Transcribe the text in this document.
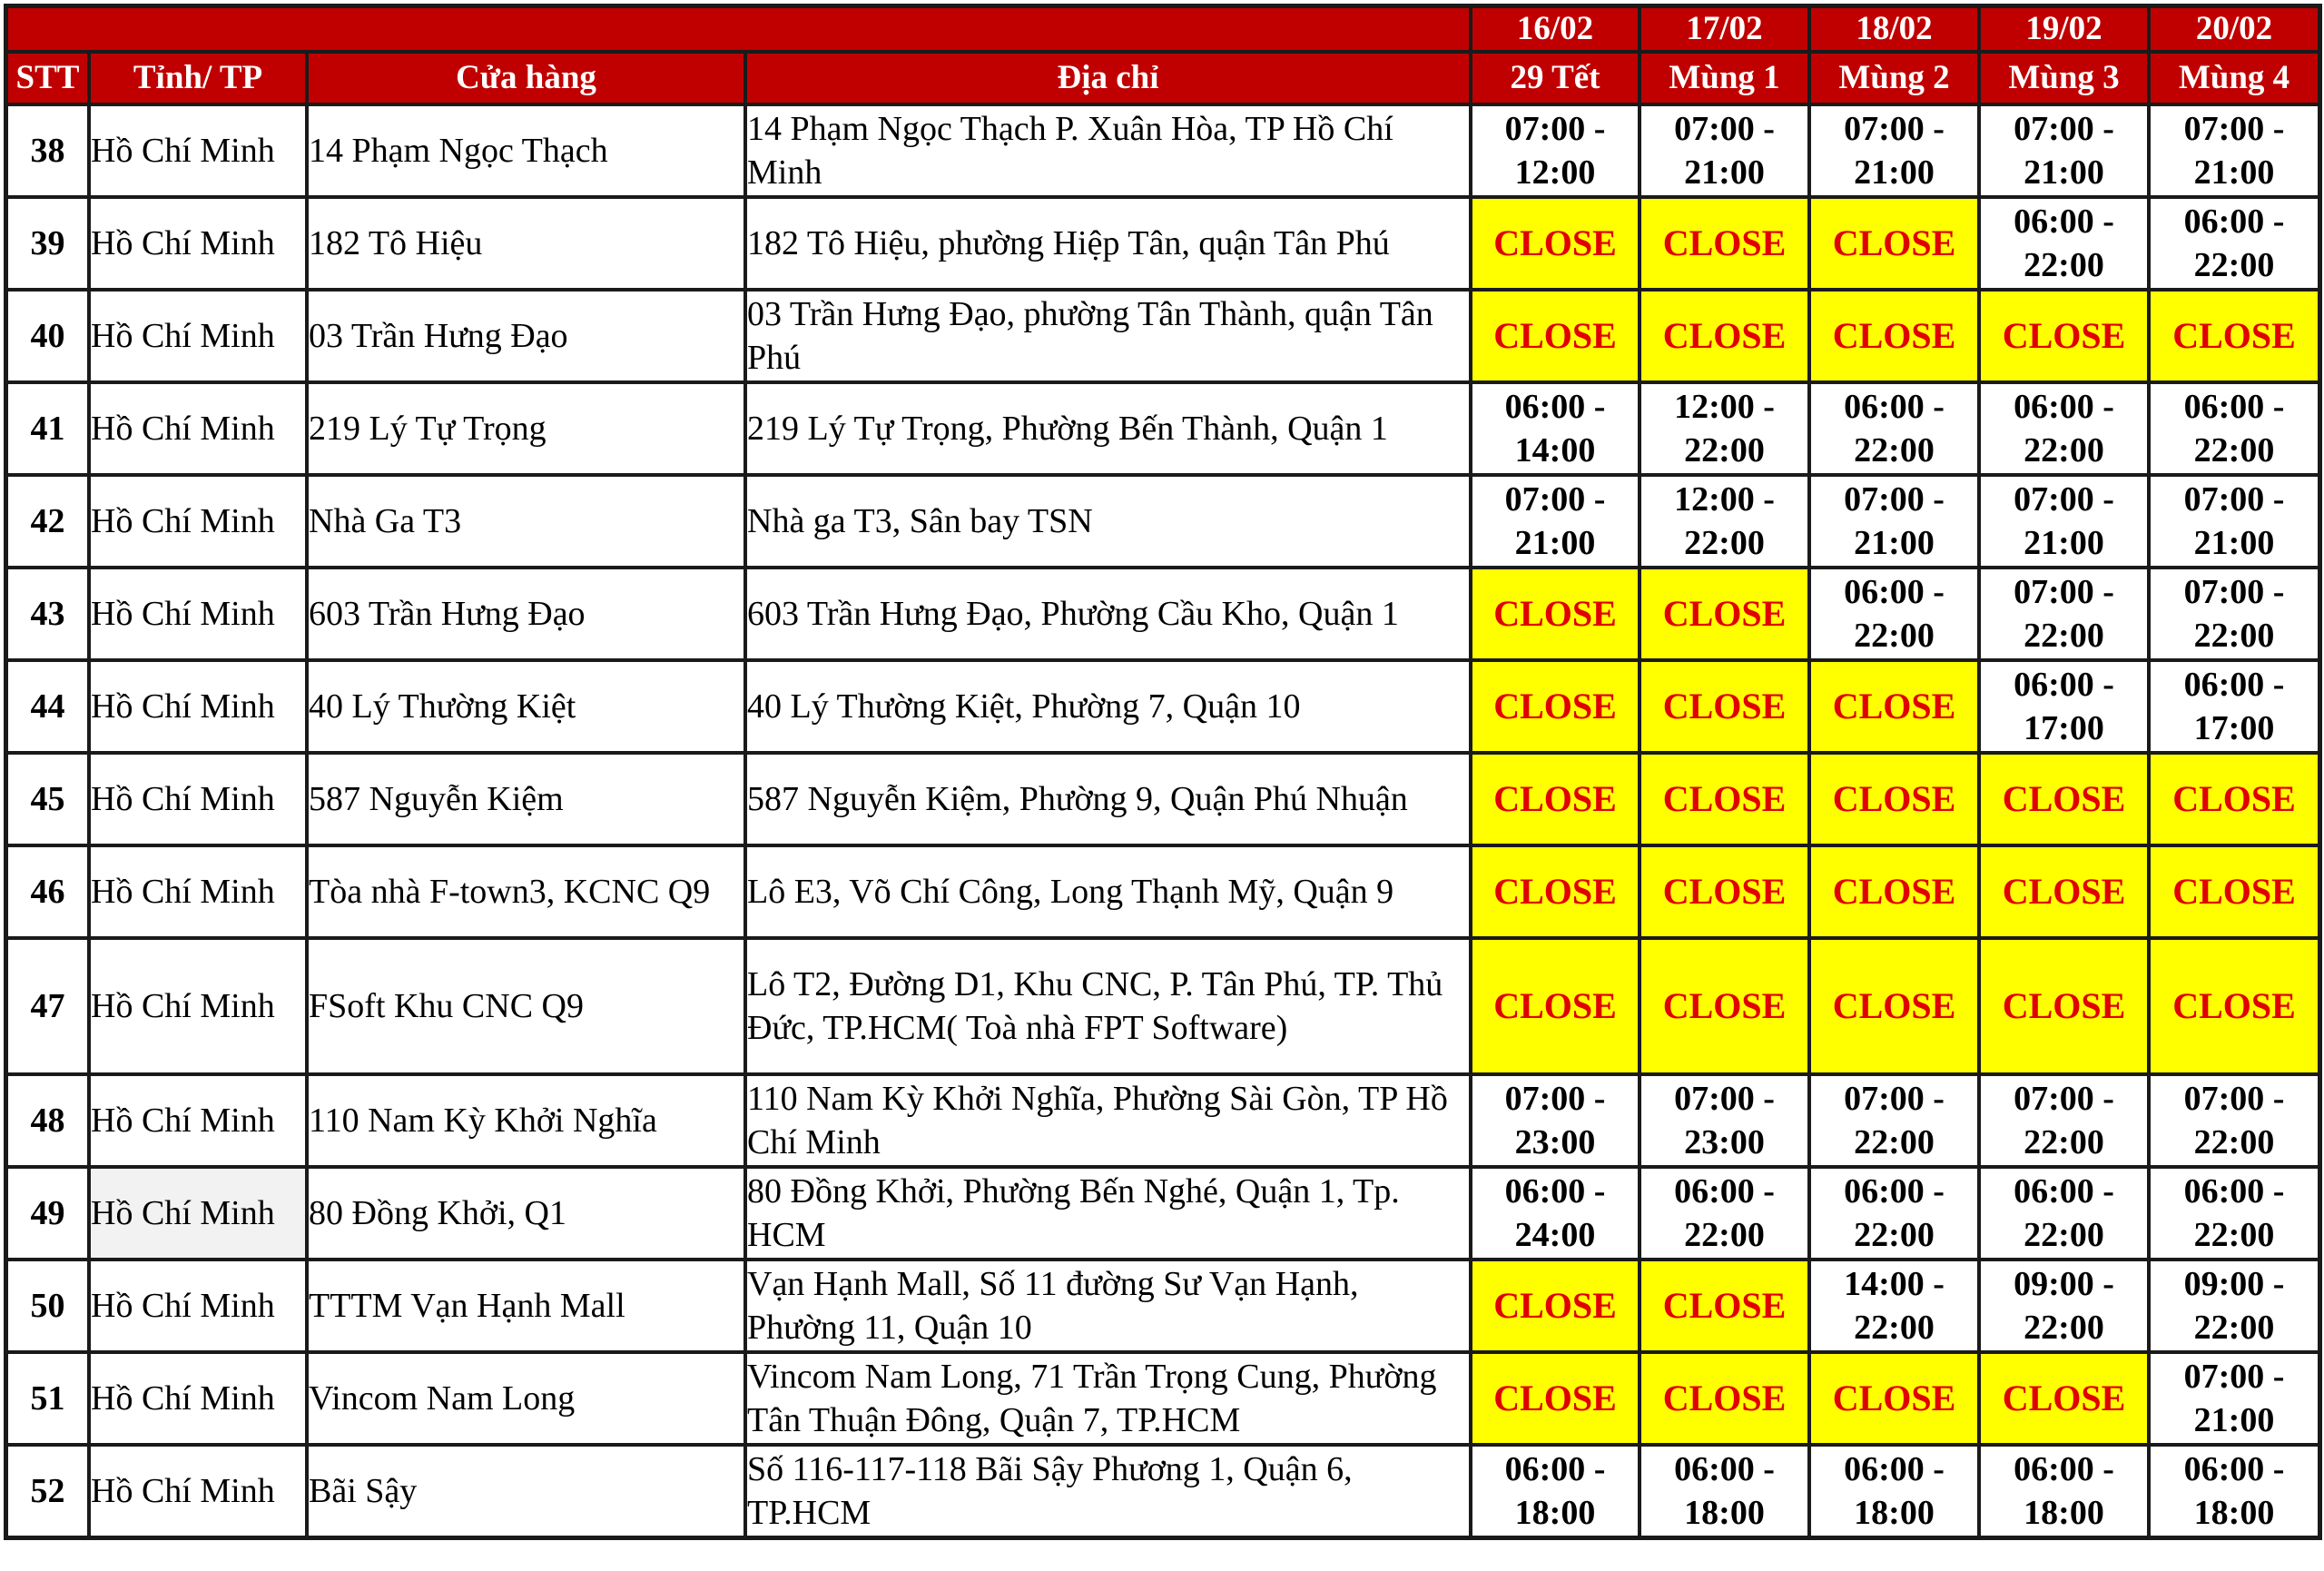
				16/02	17/02	18/02	19/02	20/02
STT	Tỉnh/ TP	Cửa hàng	Địa chỉ	29 Tết	Mùng 1	Mùng 2	Mùng 3	Mùng 4
38	Hồ Chí Minh	14 Phạm Ngọc Thạch	14 Phạm Ngọc Thạch P. Xuân Hòa, TP Hồ Chí Minh	07:00 - 12:00	07:00 - 21:00	07:00 - 21:00	07:00 - 21:00	07:00 - 21:00
39	Hồ Chí Minh	182 Tô Hiệu	182 Tô Hiệu, phường Hiệp Tân, quận Tân Phú	CLOSE	CLOSE	CLOSE	06:00 - 22:00	06:00 - 22:00
40	Hồ Chí Minh	03 Trần Hưng Đạo	03 Trần Hưng Đạo, phường Tân Thành, quận Tân Phú	CLOSE	CLOSE	CLOSE	CLOSE	CLOSE
41	Hồ Chí Minh	219 Lý Tự Trọng	219 Lý Tự Trọng, Phường Bến Thành, Quận 1	06:00 - 14:00	12:00 - 22:00	06:00 - 22:00	06:00 - 22:00	06:00 - 22:00
42	Hồ Chí Minh	Nhà Ga T3	Nhà ga T3, Sân bay TSN	07:00 - 21:00	12:00 - 22:00	07:00 - 21:00	07:00 - 21:00	07:00 - 21:00
43	Hồ Chí Minh	603 Trần Hưng Đạo	603 Trần Hưng Đạo, Phường Cầu Kho, Quận 1	CLOSE	CLOSE	06:00 - 22:00	07:00 - 22:00	07:00 - 22:00
44	Hồ Chí Minh	40 Lý Thường Kiệt	40 Lý Thường Kiệt, Phường 7, Quận 10	CLOSE	CLOSE	CLOSE	06:00 - 17:00	06:00 - 17:00
45	Hồ Chí Minh	587 Nguyễn Kiệm	587 Nguyễn Kiệm, Phường 9, Quận Phú Nhuận	CLOSE	CLOSE	CLOSE	CLOSE	CLOSE
46	Hồ Chí Minh	Tòa nhà F-town3, KCNC Q9	Lô E3, Võ Chí Công, Long Thạnh Mỹ, Quận 9	CLOSE	CLOSE	CLOSE	CLOSE	CLOSE
47	Hồ Chí Minh	FSoft Khu CNC Q9	Lô T2, Đường D1, Khu CNC, P. Tân Phú, TP. Thủ Đức, TP.HCM( Toà nhà FPT Software)	CLOSE	CLOSE	CLOSE	CLOSE	CLOSE
48	Hồ Chí Minh	110 Nam Kỳ Khởi Nghĩa	110 Nam Kỳ Khởi Nghĩa, Phường Sài Gòn, TP Hồ Chí Minh	07:00 - 23:00	07:00 - 23:00	07:00 - 22:00	07:00 - 22:00	07:00 - 22:00
49	Hồ Chí Minh	80 Đồng Khởi, Q1	80 Đồng Khởi, Phường Bến Nghé, Quận 1, Tp. HCM	06:00 - 24:00	06:00 - 22:00	06:00 - 22:00	06:00 - 22:00	06:00 - 22:00
50	Hồ Chí Minh	TTTM Vạn Hạnh Mall	Vạn Hạnh Mall, Số 11 đường Sư Vạn Hạnh, Phường 11, Quận 10	CLOSE	CLOSE	14:00 - 22:00	09:00 - 22:00	09:00 - 22:00
51	Hồ Chí Minh	Vincom Nam Long	Vincom Nam Long, 71 Trần Trọng Cung, Phường Tân Thuận Đông, Quận 7, TP.HCM	CLOSE	CLOSE	CLOSE	CLOSE	07:00 - 21:00
52	Hồ Chí Minh	Bãi Sậy	Số 116-117-118 Bãi Sậy Phương 1, Quận 6, TP.HCM	06:00 - 18:00	06:00 - 18:00	06:00 - 18:00	06:00 - 18:00	06:00 - 18:00
